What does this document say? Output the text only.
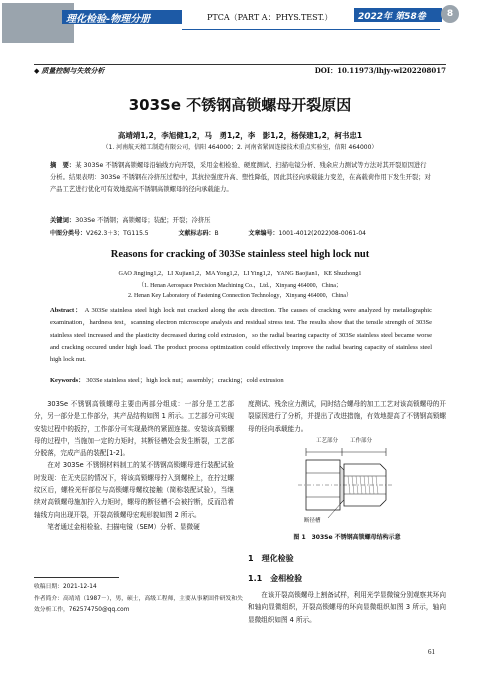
理化检验-物理分册	PTCA（PART A：PHYS.TEST.）	2022年 第58卷	8
◆ 质量控制与失效分析	DOI：10.11973/lhjy-wl202208017
303Se 不锈钢高锁螺母开裂原因
高靖靖1,2，李旭健1,2，马　勇1,2，李　影1,2，杨保建1,2，柯书忠1
（1. 河南航天精工制造有限公司，信阳 464000；2. 河南省紧固连接技术重点实验室，信阳 464000）
摘　要：某 303Se 不锈钢高锁螺母沿轴线方向开裂，采用金相检验、硬度测试、扫描电镜分析、残余应力测试等方法对其开裂原因进行分析。结果表明：303Se 不锈钢在冷挤压过程中，其抗拉强度升高、塑性降低，因此其径向承载能力变差，在高载荷作用下发生开裂；对产品工艺进行优化可有效地提高不锈钢高锁螺母的径向承载能力。
关键词：303Se 不锈钢；高锁螺母；装配；开裂；冷挤压
中图分类号：V262.3＋3；TG115.5	文献标志码：B	文章编号：1001-4012(2022)08-0061-04
Reasons for cracking of 303Se stainless steel high lock nut
GAO Jingjing1,2，LI Xujian1,2，MA Yong1,2，LI Ying1,2，YANG Baojian1，KE Shuzhong1
（1. Henan Aerospace Precision Machining Co.，Ltd.，Xinyang 464000，China；
2. Henan Key Laboratory of Fastening Connection Technology，Xinyang 464000，China）
Abstract： A 303Se stainless steel high lock nut cracked along the axis direction. The causes of cracking were analyzed by metallographic examination，hardness test，scanning electron microscope analysis and residual stress test. The results show that the tensile strength of 303Se stainless steel increased and the plasticity decreased during cold extrusion，so the radial bearing capacity of 303Se stainless steel became worse and cracking occured under high load. The product process optimization could effectively improve the radial bearing capacity of stainless steel high lock nut.
Keywords： 303Se stainless steel；high lock nut；assembly；cracking；cold extrusion

303Se 不锈钢高锁螺母主要由两部分组成：一部分是工艺部分，另一部分是工作部分，其产品结构如图 1 所示。工艺部分可实现安装过程中的扳拧，工作部分可实现最终的紧固连接。安装该高锁螺母的过程中，当施加一定的力矩时，其断径槽处会发生断裂，工艺部分脱落，完成产品的装配[1-2]。

在对 303Se 不锈钢材料制工的某不锈钢高锁螺母进行装配试验时发现：在无夹层的情况下，将该高锁螺母拧入到螺栓上，在拧过螺纹区后，螺栓光杆部位与高锁螺母螺纹接触（简称装配试验），当继续对高锁螺母施加拧入力矩时，螺母的断径槽不会被拧断，反而沿着轴线方向出现开裂，开裂高锁螺母宏观形貌如图 2 所示。

笔者通过金相检验、扫描电镜（SEM）分析、显微硬

收稿日期：2021-12-14
作者简介：高靖靖（1987－），男，硕士，高级工程师，主要从事紧固件研发和失效分析工作，762574750@qq.com
度测试、残余应力测试，同时结合螺母的加工工艺对该高锁螺母的开裂原因进行了分析，并提出了改进措施，有效地提高了不锈钢高锁螺母的径向承载能力。
工艺部分 工作部分
断径槽
图 1　303Se 不锈钢高锁螺母结构示意
1　理化检验
1.1　金相检验
在该开裂高锁螺母上割备试样，利用光学显微镜分别观察其环向和轴向显微组织，开裂高锁螺母的环向显微组织如图 3 所示，轴向显微组织如图 4 所示。
61
